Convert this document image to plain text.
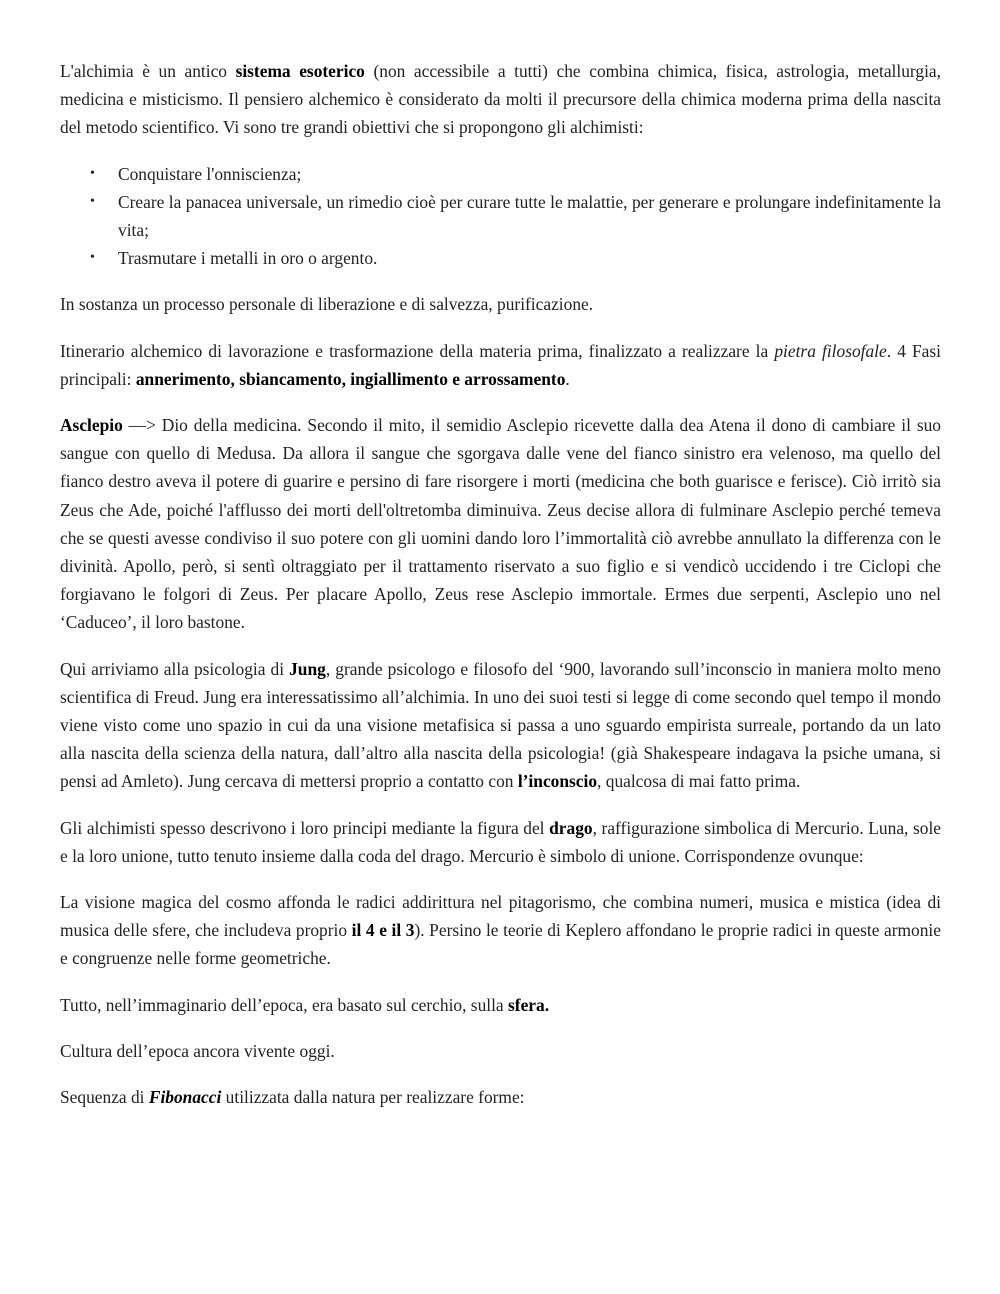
L'alchimia è un antico sistema esoterico (non accessibile a tutti) che combina chimica, fisica, astrologia, metallurgia, medicina e misticismo. Il pensiero alchemico è considerato da molti il precursore della chimica moderna prima della nascita del metodo scientifico. Vi sono tre grandi obiettivi che si propongono gli alchimisti:

• Conquistare l'onniscienza;
• Creare la panacea universale, un rimedio cioè per curare tutte le malattie, per generare e prolungare indefinitamente la vita;
• Trasmutare i metalli in oro o argento.

In sostanza un processo personale di liberazione e di salvezza, purificazione.

Itinerario alchemico di lavorazione e trasformazione della materia prima, finalizzato a realizzare la pietra filosofale. 4 Fasi principali: annerimento, sbiancamento, ingiallimento e arrossamento.

Asclepio —> Dio della medicina. Secondo il mito, il semidio Asclepio ricevette dalla dea Atena il dono di cambiare il suo sangue con quello di Medusa. Da allora il sangue che sgorgava dalle vene del fianco sinistro era velenoso, ma quello del fianco destro aveva il potere di guarire e persino di fare risorgere i morti (medicina che both guarisce e ferisce). Ciò irritò sia Zeus che Ade, poiché l'afflusso dei morti dell'oltretomba diminuiva. Zeus decise allora di fulminare Asclepio perché temeva che se questi avesse condiviso il suo potere con gli uomini dando loro l’immortalità ciò avrebbe annullato la differenza con le divinità. Apollo, però, si sentì oltraggiato per il trattamento riservato a suo figlio e si vendicò uccidendo i tre Ciclopi che forgiavano le folgori di Zeus. Per placare Apollo, Zeus rese Asclepio immortale. Ermes due serpenti, Asclepio uno nel ‘Caduceo’, il loro bastone.

Qui arriviamo alla psicologia di Jung, grande psicologo e filosofo del ‘900, lavorando sull’inconscio in maniera molto meno scientifica di Freud. Jung era interessatissimo all’alchimia. In uno dei suoi testi si legge di come secondo quel tempo il mondo viene visto come uno spazio in cui da una visione metafisica si passa a uno sguardo empirista surreale, portando da un lato alla nascita della scienza della natura, dall’altro alla nascita della psicologia! (già Shakespeare indagava la psiche umana, si pensi ad Amleto). Jung cercava di mettersi proprio a contatto con l’inconscio, qualcosa di mai fatto prima.

Gli alchimisti spesso descrivono i loro principi mediante la figura del drago, raffigurazione simbolica di Mercurio. Luna, sole e la loro unione, tutto tenuto insieme dalla coda del drago. Mercurio è simbolo di unione. Corrispondenze ovunque:

La visione magica del cosmo affonda le radici addirittura nel pitagorismo, che combina numeri, musica e mistica (idea di musica delle sfere, che includeva proprio il 4 e il 3). Persino le teorie di Keplero affondano le proprie radici in queste armonie e congruenze nelle forme geometriche.

Tutto, nell’immaginario dell’epoca, era basato sul cerchio, sulla sfera.

Cultura dell’epoca ancora vivente oggi.

Sequenza di Fibonacci utilizzata dalla natura per realizzare forme:
